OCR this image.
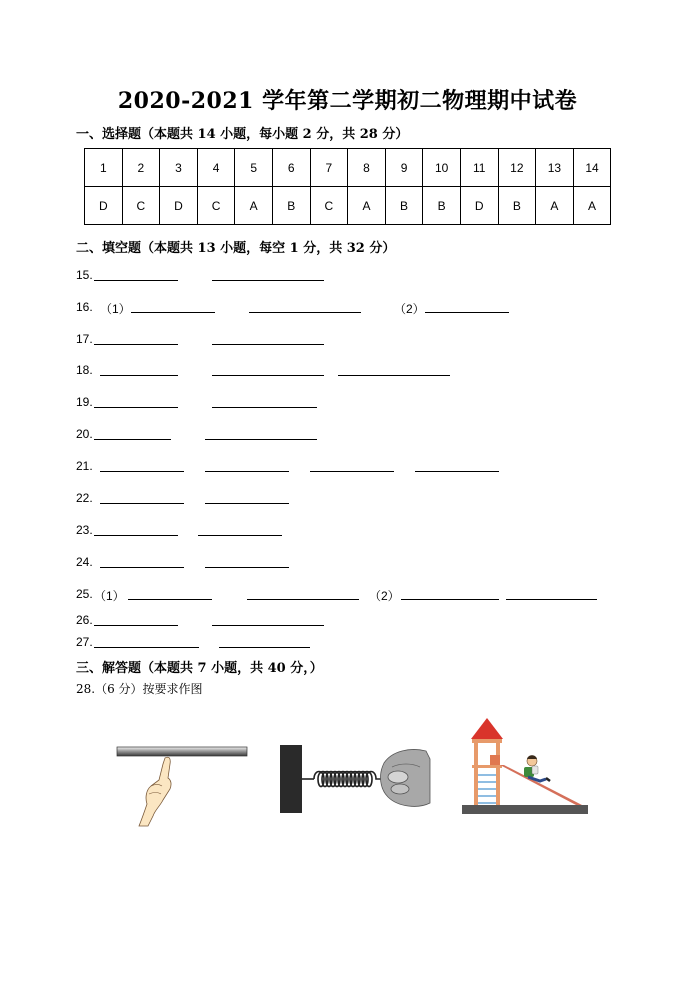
2020-2021 学年第二学期初二物理期中试卷
一、选择题（本题共 14 小题，每小题 2 分，共 28 分）
1	2	3	4	5	6	7	8	9	10	11	12	13	14
D	C	D	C	A	B	C	A	B	B	D	B	A	A
二、填空题（本题共 13 小题，每空 1 分，共 32 分）
15.
16. （1）	（2）
17.
18.
19.
20.
21.
22.
23.
24.
25. （1）	（2）
26.
27.
三、解答题（本题共 7 小题，共 40 分，）
28.（6 分）按要求作图
